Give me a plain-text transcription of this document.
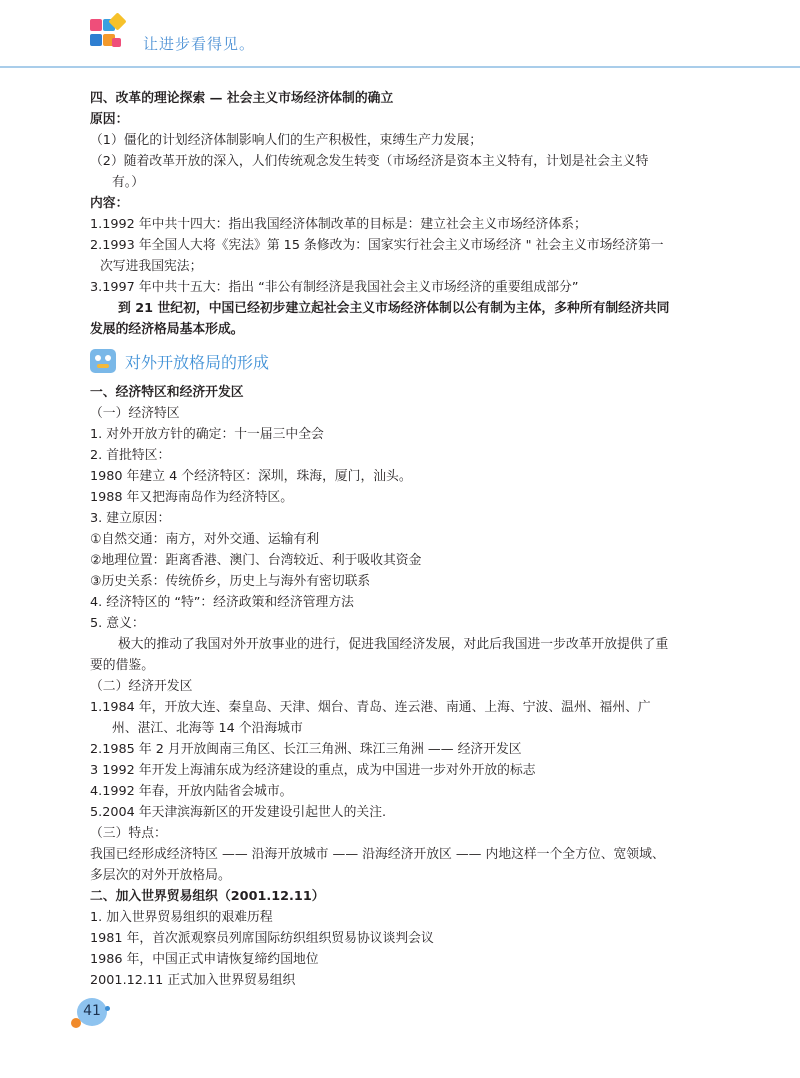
让进步看得见。
四、改革的理论探索 — 社会主义市场经济体制的确立
原因：
（1）僵化的计划经济体制影响人们的生产积极性，束缚生产力发展；
（2）随着改革开放的深入，人们传统观念发生转变（市场经济是资本主义特有，计划是社会主义特
有。）
内容：
1.1992 年中共十四大：指出我国经济体制改革的目标是：建立社会主义市场经济体系；
2.1993 年全国人大将《宪法》第 15 条修改为：国家实行社会主义市场经济 " 社会主义市场经济第一
次写进我国宪法；
3.1997 年中共十五大：指出 “非公有制经济是我国社会主义市场经济的重要组成部分”
到 21 世纪初，中国已经初步建立起社会主义市场经济体制以公有制为主体，多种所有制经济共同
发展的经济格局基本形成。
对外开放格局的形成
一、经济特区和经济开发区
（一）经济特区
1. 对外开放方针的确定：十一届三中全会
2. 首批特区：
1980 年建立 4 个经济特区：深圳，珠海，厦门，汕头。
1988 年又把海南岛作为经济特区。
3. 建立原因：
①自然交通：南方，对外交通、运输有利
②地理位置：距离香港、澳门、台湾较近、利于吸收其资金
③历史关系：传统侨乡，历史上与海外有密切联系
4. 经济特区的 “特”：经济政策和经济管理方法
5. 意义：
极大的推动了我国对外开放事业的进行，促进我国经济发展，对此后我国进一步改革开放提供了重
要的借鉴。
（二）经济开发区
1.1984 年，开放大连、秦皇岛、天津、烟台、青岛、连云港、南通、上海、宁波、温州、福州、广
州、湛江、北海等 14 个沿海城市
2.1985 年 2 月开放闽南三角区、长江三角洲、珠江三角洲 —— 经济开发区
3 1992 年开发上海浦东成为经济建设的重点，成为中国进一步对外开放的标志
4.1992 年春，开放内陆省会城市。
5.2004 年天津滨海新区的开发建设引起世人的关注.
（三）特点：
我国已经形成经济特区 —— 沿海开放城市 —— 沿海经济开放区 —— 内地这样一个全方位、宽领域、
多层次的对外开放格局。
二、加入世界贸易组织（2001.12.11）
1. 加入世界贸易组织的艰难历程
1981 年，首次派观察员列席国际纺织组织贸易协议谈判会议
1986 年，中国正式申请恢复缔约国地位
2001.12.11 正式加入世界贸易组织
41
